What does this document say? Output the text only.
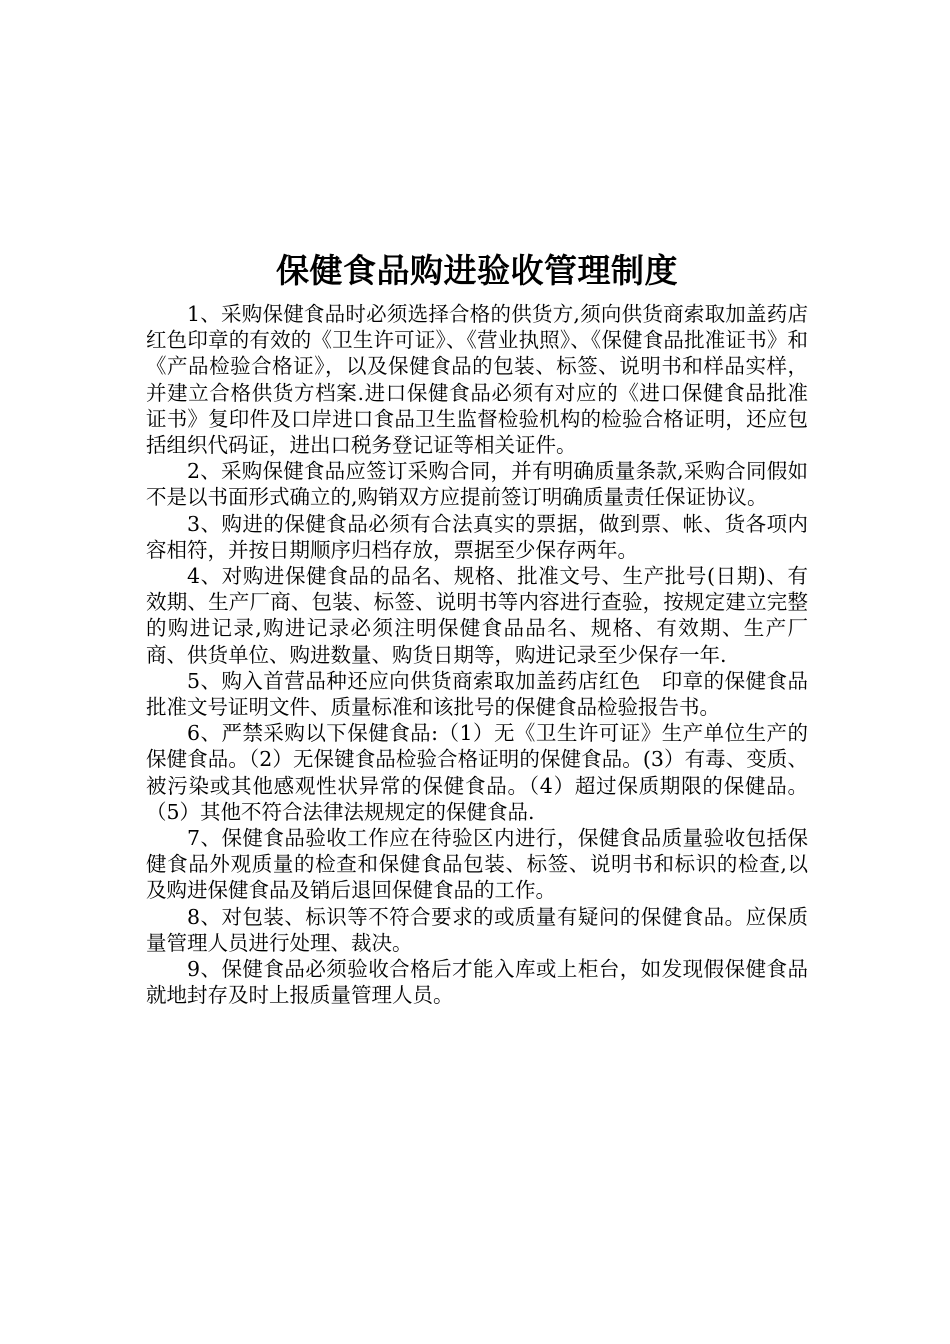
保健食品购进验收管理制度

1、采购保健食品时必须选择合格的供货方,须向供货商索取加盖药店红色印章的有效的《卫生许可证》、《营业执照》、《保健食品批准证书》和《产品检验合格证》，以及保健食品的包装、标签、说明书和样品实样，并建立合格供货方档案.进口保健食品必须有对应的《进口保健食品批准证书》复印件及口岸进口食品卫生监督检验机构的检验合格证明，还应包括组织代码证，进出口税务登记证等相关证件。

2、采购保健食品应签订采购合同，并有明确质量条款,采购合同假如不是以书面形式确立的,购销双方应提前签订明确质量责任保证协议。

3、购进的保健食品必须有合法真实的票据，做到票、帐、货各项内容相符，并按日期顺序归档存放，票据至少保存两年。

4、对购进保健食品的品名、规格、批准文号、生产批号(日期)、有效期、生产厂商、包装、标签、说明书等内容进行查验，按规定建立完整的购进记录,购进记录必须注明保健食品品名、规格、有效期、生产厂商、供货单位、购进数量、购货日期等，购进记录至少保存一年.

5、购入首营品种还应向供货商索取加盖药店红色　印章的保健食品批准文号证明文件、质量标准和该批号的保健食品检验报告书。

6、严禁采购以下保健食品:（1）无《卫生许可证》生产单位生产的保健食品。（2）无保键食品检验合格证明的保健食品。(3）有毒、变质、被污染或其他感观性状异常的保健食品。（4）超过保质期限的保健品。（5）其他不符合法律法规规定的保健食品.

7、保健食品验收工作应在待验区内进行，保健食品质量验收包括保健食品外观质量的检查和保健食品包装、标签、说明书和标识的检查,以及购进保健食品及销后退回保健食品的工作。

8、对包装、标识等不符合要求的或质量有疑问的保健食品。应保质量管理人员进行处理、裁决。

9、保健食品必须验收合格后才能入库或上柜台，如发现假保健食品就地封存及时上报质量管理人员。
